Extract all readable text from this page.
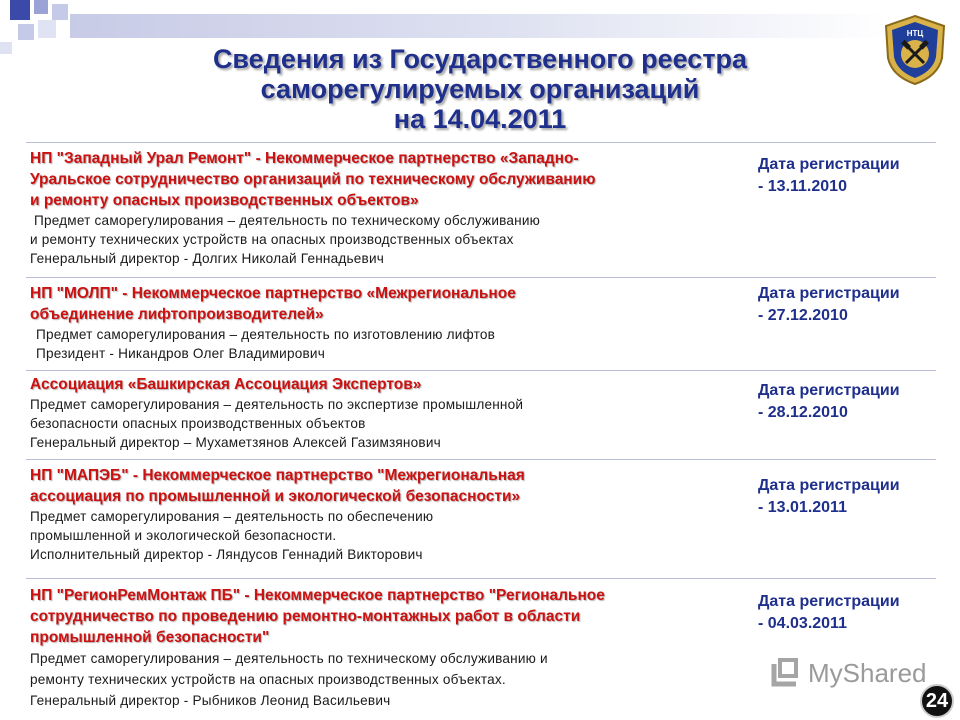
Сведения из Государственного реестра
саморегулируемых организаций
на 14.04.2011
НТЦ
НП "Западный Урал Ремонт" - Некоммерческое партнерство «Западно-
Уральское сотрудничество организаций по техническому обслуживанию
и ремонту опасных производственных объектов»
Предмет саморегулирования – деятельность по техническому обслуживанию
и ремонту технических устройств на опасных производственных объектах
Генеральный директор - Долгих Николай Геннадьевич
Дата регистрации
- 13.11.2010
НП "МОЛП" - Некоммерческое партнерство «Межрегиональное
объединение лифтопроизводителей»
Предмет саморегулирования – деятельность по изготовлению лифтов
Президент - Никандров Олег Владимирович
Дата регистрации
- 27.12.2010
Ассоциация «Башкирская Ассоциация Экспертов»
Предмет саморегулирования – деятельность по экспертизе промышленной
безопасности опасных производственных объектов
Генеральный директор – Мухаметзянов Алексей Газимзянович
Дата регистрации
- 28.12.2010
НП "МАПЭБ" - Некоммерческое партнерство "Межрегиональная
ассоциация по промышленной и экологической безопасности»
Предмет саморегулирования – деятельность по обеспечению
промышленной и экологической безопасности.
Исполнительный директор - Ляндусов Геннадий Викторович
Дата регистрации
- 13.01.2011
НП "РегионРемМонтаж ПБ" - Некоммерческое партнерство "Региональное
сотрудничество по проведению ремонтно-монтажных работ в области
промышленной безопасности"
Предмет саморегулирования – деятельность по техническому обслуживанию и
ремонту технических устройств на опасных производственных объектах.
Генеральный директор - Рыбников Леонид Васильевич
Дата регистрации
- 04.03.2011
MyShared
24
